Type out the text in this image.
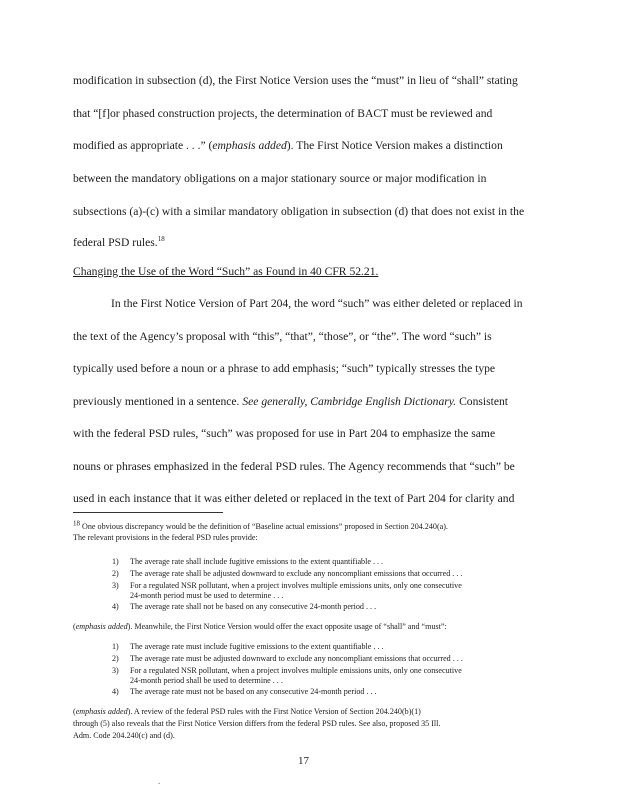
modification in subsection (d), the First Notice Version uses the “must” in lieu of “shall” stating
that “[f]or phased construction projects, the determination of BACT must be reviewed and
modified as appropriate . . .” (emphasis added). The First Notice Version makes a distinction
between the mandatory obligations on a major stationary source or major modification in
subsections (a)-(c) with a similar mandatory obligation in subsection (d) that does not exist in the
federal PSD rules.$^{18}$
Changing the Use of the Word “Such” as Found in 40 CFR 52.21.
In the First Notice Version of Part 204, the word “such” was either deleted or replaced in
the text of the Agency’s proposal with “this”, “that”, “those”, or “the”. The word “such” is
typically used before a noun or a phrase to add emphasis; “such” typically stresses the type
previously mentioned in a sentence. See generally, Cambridge English Dictionary. Consistent
with the federal PSD rules, “such” was proposed for use in Part 204 to emphasize the same
nouns or phrases emphasized in the federal PSD rules. The Agency recommends that “such” be
used in each instance that it was either deleted or replaced in the text of Part 204 for clarity and
$^{18}$ One obvious discrepancy would be the definition of “Baseline actual emissions” proposed in Section 204.240(a).
The relevant provisions in the federal PSD rules provide:
1) The average rate shall include fugitive emissions to the extent quantifiable . . .
2) The average rate shall be adjusted downward to exclude any noncompliant emissions that occurred . . .
3) For a regulated NSR pollutant, when a project involves multiple emissions units, only one consecutive
24-month period must be used to determine . . .
4) The average rate shall not be based on any consecutive 24-month period . . .
(emphasis added). Meanwhile, the First Notice Version would offer the exact opposite usage of “shall” and “must”:
1) The average rate must include fugitive emissions to the extent quantifiable . . .
2) The average rate must be adjusted downward to exclude any noncompliant emissions that occurred . . .
3) For a regulated NSR pollutant, when a project involves multiple emissions units, only one consecutive
24-month period shall be used to determine . . .
4) The average rate must not be based on any consecutive 24-month period . . .
(emphasis added). A review of the federal PSD rules with the First Notice Version of Section 204.240(b)(1)
through (5) also reveals that the First Notice Version differs from the federal PSD rules. See also, proposed 35 Ill.
Adm. Code 204.240(c) and (d).
17
.
